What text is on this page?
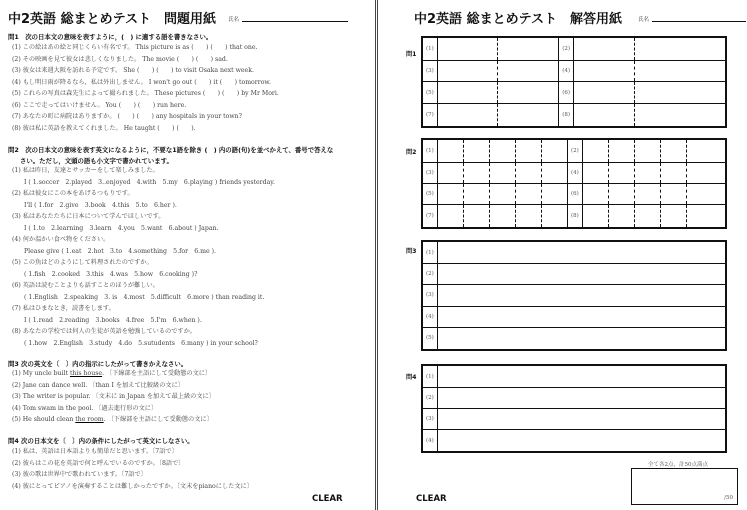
中2英語 総まとめテスト　問題用紙 氏名
問1　次の日本文の意味を表すように，(　) に適する語を書きなさい。
(1) この絵はあの絵と同じくらい有名です。 This picture is as (　　) (　　) that one.
(2) その映画を見て彼女は悲しくなりました。 The movie (　　) (　　) sad.
(3) 彼女は来週大阪を訪れる予定です。 She (　　) (　　) to visit Osaka next week.
(4) もし明日雨が降るなら，私は外出しません。 I won't go out (　　) it (　　) tomorrow.
(5) これらの写真は森先生によって撮られました。 These pictures (　　) (　　) by Mr Mori.
(6) ここで走ってはいけません。 You (　　) (　　) run here.
(7) あなたの町に病院はありますか。 (　　) (　　) any hospitals in your town?
(8) 彼は私に英語を教えてくれました。 He taught (　　) (　　).
問2　次の日本文の意味を表す英文になるように，不要な1語を除き (　) 内の語(句)を並べかえて、番号で答えな
さい。ただし，文頭の語も小文字で書かれています。
(1) 私は昨日，友達とサッカーをして楽しみました。
I ( 1.soccer　2.played　3..enjoyed　4.with　5.my　6.playing ) friends yesterday.
(2) 私は彼女にこの本をあげるつもりです。
I'll ( 1.for　2.give　3.book　4.this　5.to　6.her ).
(3) 私はあなたたちに日本について学んでほしいです。
I ( 1.to　2.learning　3.learn　4.you　5.want　6.about ) Japan.
(4) 何か温かい食べ物をください。
Please give ( 1.eat　2.hot　3.to　4.something　5.for　6.me ).
(5) この魚はどのようにして料理されたのですか。
( 1.fish　2.cooked　3.this　4.was　5.how　6.cooking )?
(6) 英語は読むことよりも話すことのほうが難しい。
( 1.English　2.speaking　3. is　4.most　5.difficult　6.more ) than reading it.
(7) 私はひまなとき，読書をします。
I ( 1.read　2.reading　3.books　4.free　5.I'm　6.when ).
(8) あなたの学校では何人の生徒が英語を勉強しているのですか。
( 1.how　2.English　3.study　4.do　5.sutudents　6.many ) in your school?
問3 次の英文を〔　〕内の指示にしたがって書きかえなさい。
(1) My uncle built this house. 〔下線部を主語にして受動態の文に〕
(2) Jane can dance well. 〔than I を加えて比較級の文に〕
(3) The writer is popular. 〔文末に in Japan を加えて最上級の文に〕
(4) Tom swam in the pool. 〔過去進行形の文に〕
(5) He should clean the room. 〔下線部を主語にして受動態の文に〕
問4 次の日本文を〔　〕内の条件にしたがって英文にしなさい。
(1) 私は、英語は日本語よりも簡単だと思います。〔7語で〕
(2) 彼らはこの花を英語で何と呼んでいるのですか。〔8語で〕
(3) 彼の歌は世界中で歌われています。〔7語で〕
(4) 彼にとってピアノを演奏することは難しかったですか。〔文末をpianoにした文に〕
CLEAR
中2英語 総まとめテスト　解答用紙	氏名
問1
(1)			(2)		
(3)			(4)		
(5)			(6)		
(7)			(8)		
問2 (1)						(2)					
(3)						(4)					
(5)						(6)					
(7)						(8)					
問3 (1)	
(2)	
(3)	
(4)	
(5)	
問4 (1)	
(2)	
(3)	
(4)	
全て各2点，計50点満点
/50
CLEAR
